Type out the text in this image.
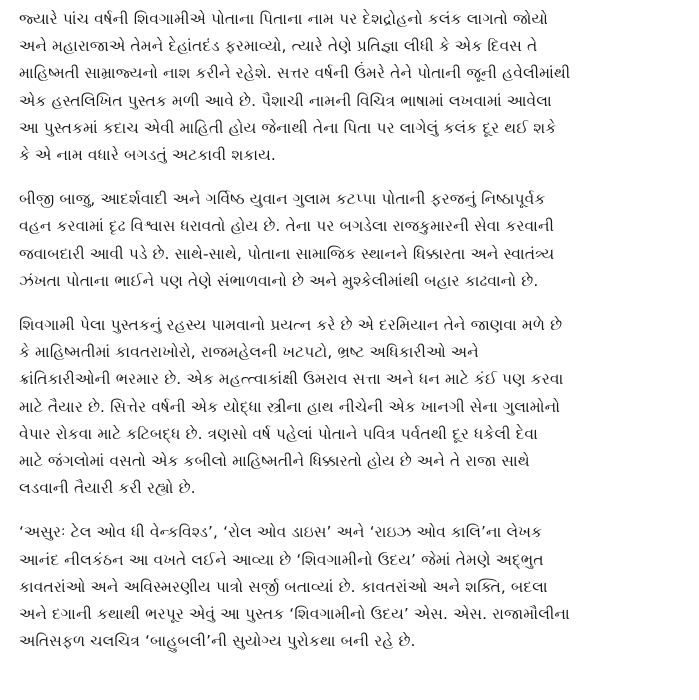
જ્યારે પાંચ વર્ષની શિવગામીએ પોતાના પિતાના નામ પર દેશદ્રોહનો કલંક લાગતો જોયો
અને મહારાજાએ તેમને દેહાંતદંડ ફરમાવ્યો, ત્યારે તેણે પ્રતિજ્ઞા લીધી કે એક દિવસ તે
માહિષ્મતી સામ્રાજ્યનો નાશ કરીને રહેશે. સત્તર વર્ષની ઉંમરે તેને પોતાની જૂની હવેલીમાંથી
એક હસ્તલિખિત પુસ્તક મળી આવે છે. પૈશાચી નામની વિચિત્ર ભાષામાં લખવામાં આવેલા
આ પુસ્તકમાં કદાચ એવી માહિતી હોય જેનાથી તેના પિતા પર લાગેલું કલંક દૂર થઈ શકે
કે એ નામ વધારે બગડતું અટકાવી શકાય.
બીજી બાજુ, આદર્શવાદી અને ગર્વિષ્ઠ યુવાન ગુલામ કટપ્પા પોતાની ફરજનું નિષ્ઠાપૂર્વક
વહન કરવામાં દૃઢ વિશ્વાસ ધરાવતો હોય છે. તેના પર બગડેલા રાજકુમારની સેવા કરવાની
જવાબદારી આવી પડે છે. સાથે-સાથે, પોતાના સામાજિક સ્થાનને ધિક્કારતા અને સ્વાતંત્ર્ય
ઝંખતા પોતાના ભાઈને પણ તેણે સંભાળવાનો છે અને મુશ્કેલીમાંથી બહાર કાઢવાનો છે.
શિવગામી પેલા પુસ્તકનું રહસ્ય પામવાનો પ્રયત્ન કરે છે એ દરમિયાન તેને જાણવા મળે છે
કે માહિષ્મતીમાં કાવતરાખોરો, રાજમહેલની ખટપટો, ભ્રષ્ટ અધિકારીઓ અને
ક્રાંતિકારીઓની ભરમાર છે. એક મહત્ત્વાકાંક્ષી ઉમરાવ સત્તા અને ધન માટે કંઈ પણ કરવા
માટે તૈયાર છે. સિત્તેર વર્ષની એક યોદ્ધા સ્ત્રીના હાથ નીચેની એક ખાનગી સેના ગુલામોનો
વેપાર રોકવા માટે કટિબદ્ધ છે. ત્રણસો વર્ષ પહેલાં પોતાને પવિત્ર પર્વતથી દૂર ધકેલી દેવા
માટે જંગલોમાં વસતો એક કબીલો માહિષ્મતીને ધિક્કારતો હોય છે અને તે રાજા સાથે
લડવાની તૈયારી કરી રહ્યો છે.
‘અસુરઃ ટેલ ઓવ ધી વેન્કવિશ્ડ’, ‘રોલ ઓવ ડાઇસ’ અને ‘રાઇઝ ઓવ કાલિ’ના લેખક
આનંદ નીલકંઠન આ વખતે લઈને આવ્યા છે ‘શિવગામીનો ઉદય’ જેમાં તેમણે અદ્ભુત
કાવતરાંઓ અને અવિસ્મરણીય પાત્રો સર્જી બતાવ્યાં છે. કાવતરાંઓ અને શક્તિ, બદલા
અને દગાની કથાથી ભરપૂર એવું આ પુસ્તક ‘શિવગામીનો ઉદય’ એસ. એસ. રાજામૌલીના
અતિસફળ ચલચિત્ર ‘બાહુબલી’ની સુયોગ્ય પુરોકથા બની રહે છે.
